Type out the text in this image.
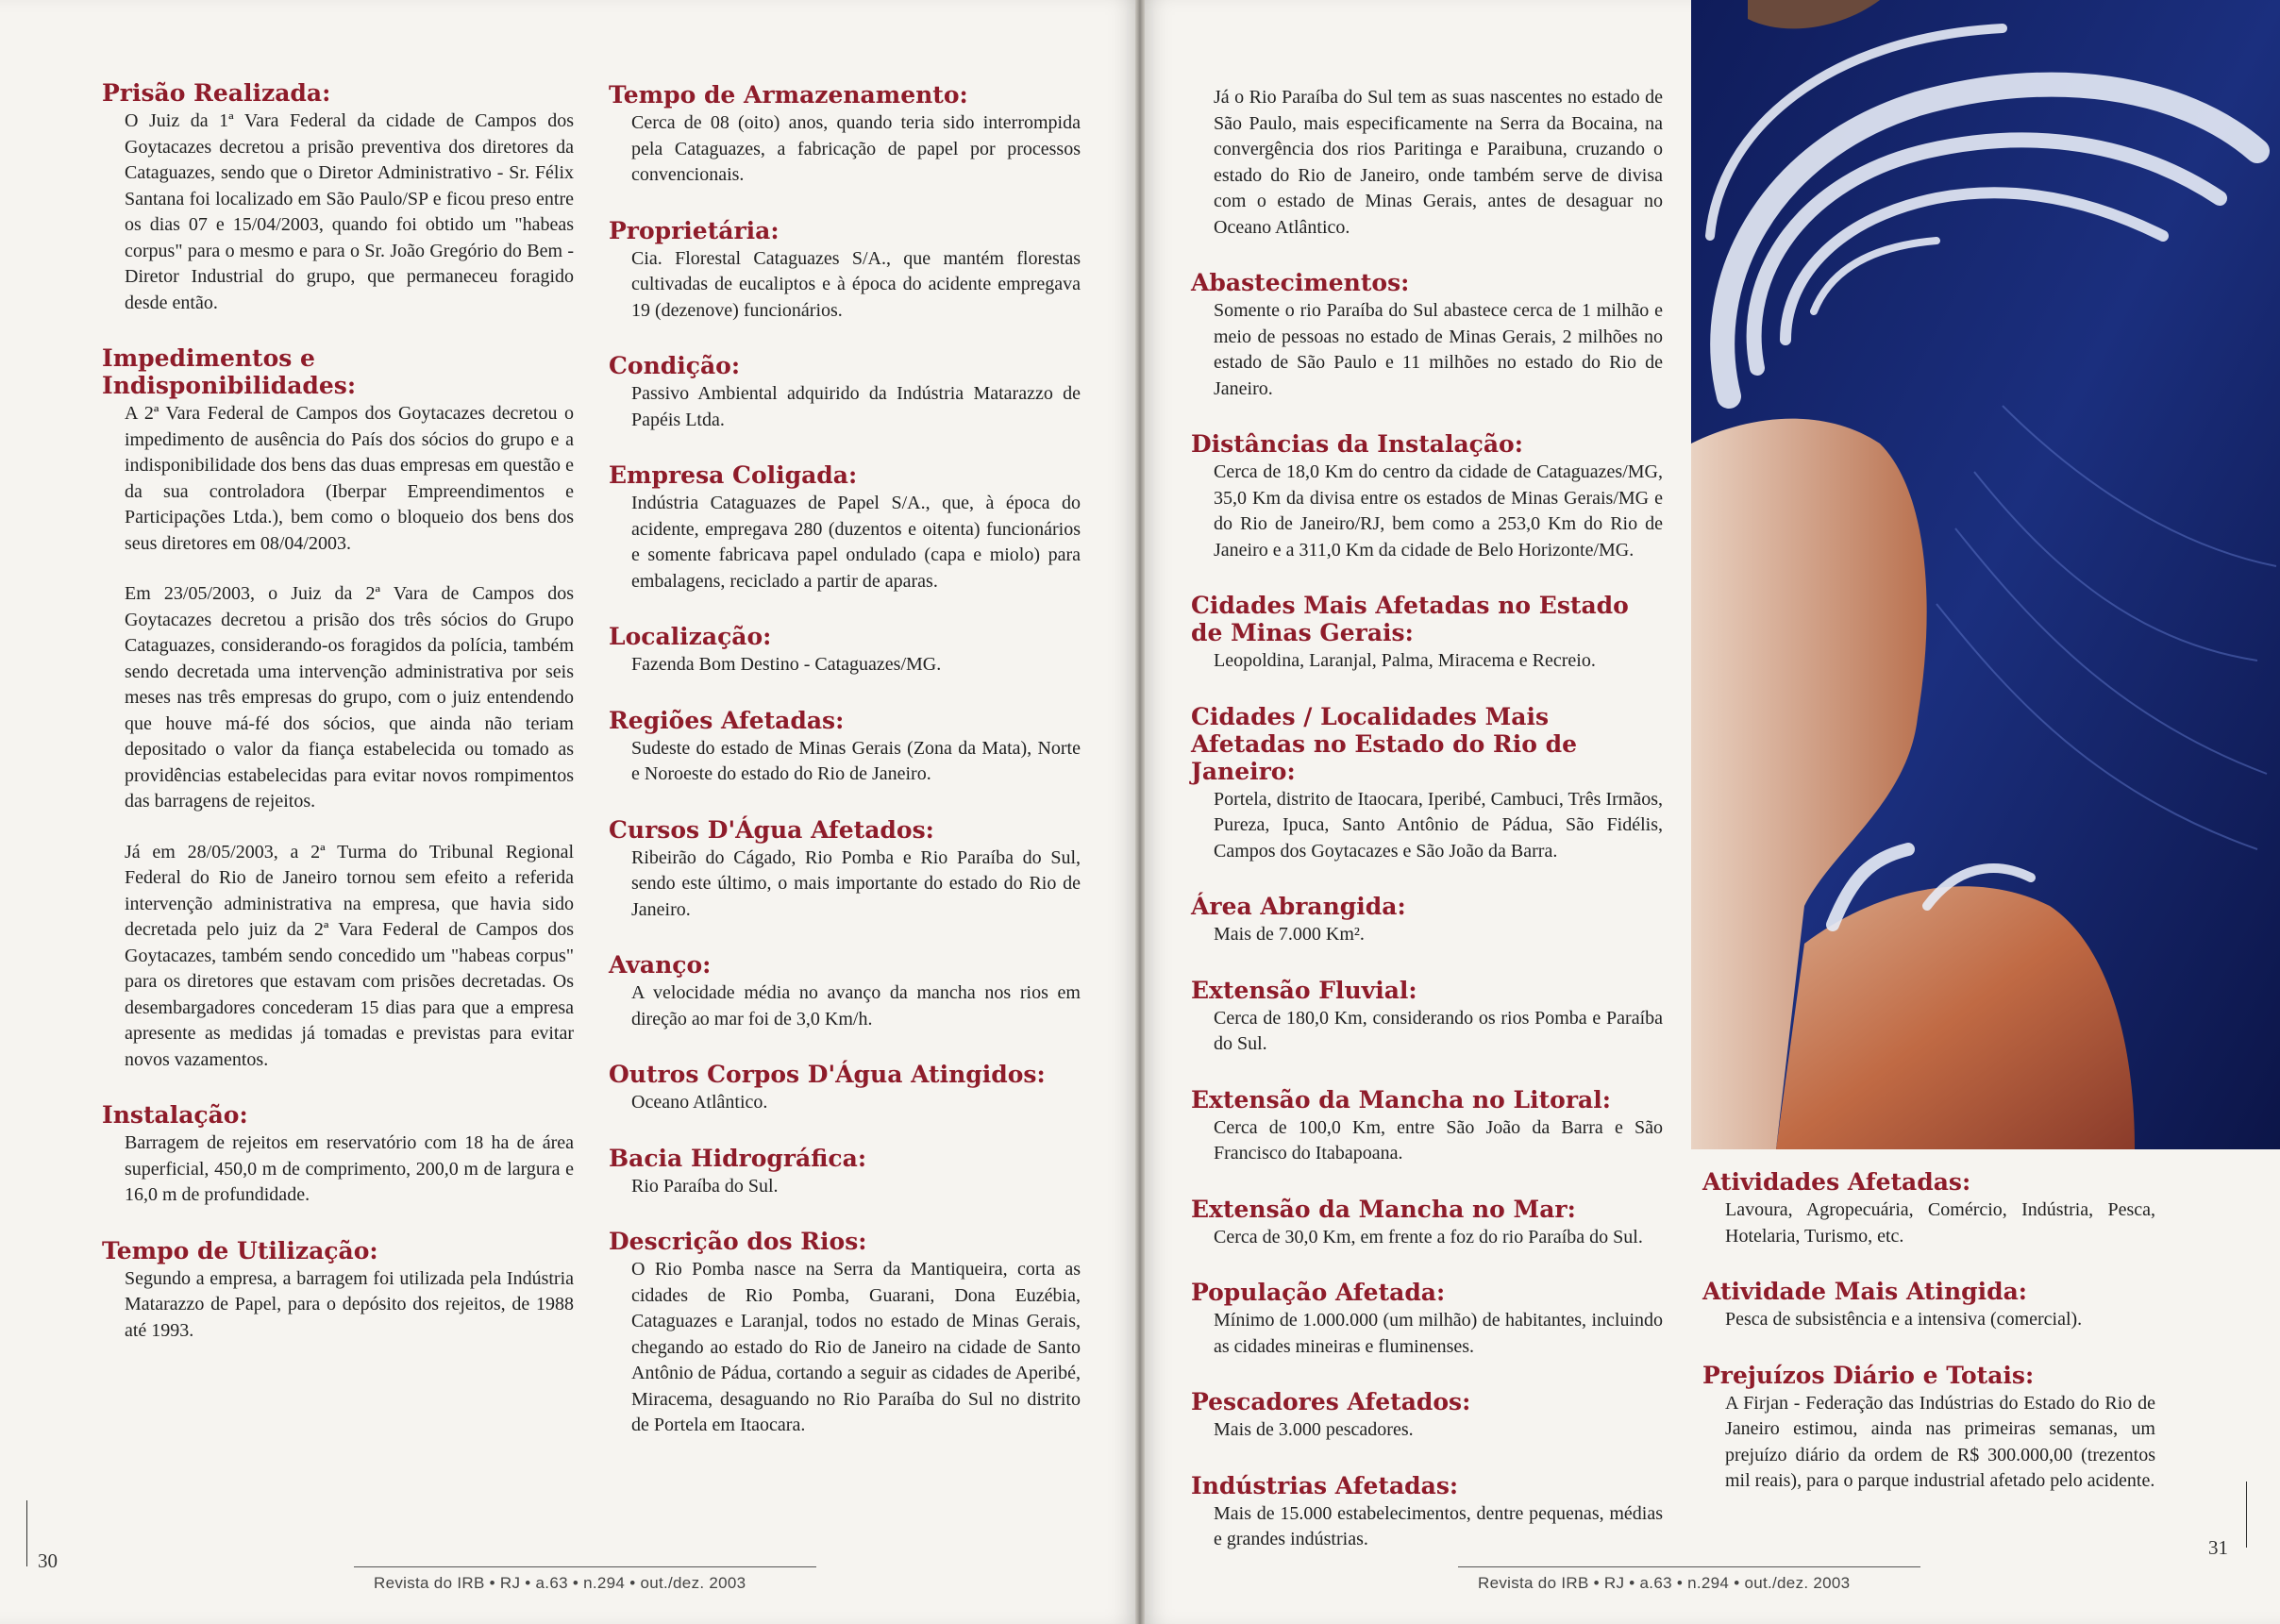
Prisão Realizada:

O Juiz da 1ª Vara Federal da cidade de Campos dos Goytacazes decretou a prisão preventiva dos diretores da Cataguazes, sendo que o Diretor Administrativo - Sr. Félix Santana foi localizado em São Paulo/SP e ficou preso entre os dias 07 e 15/04/2003, quando foi obtido um "habeas corpus" para o mesmo e para o Sr. João Gregório do Bem - Diretor Industrial do grupo, que permaneceu foragido desde então.

Impedimentos e Indisponibilidades:

A 2ª Vara Federal de Campos dos Goytacazes decretou o impedimento de ausência do País dos sócios do grupo e a indisponibilidade dos bens das duas empresas em questão e da sua controladora (Iberpar Empreendimentos e Participações Ltda.), bem como o bloqueio dos bens dos seus diretores em 08/04/2003.

Em 23/05/2003, o Juiz da 2ª Vara de Campos dos Goytacazes decretou a prisão dos três sócios do Grupo Cataguazes, considerando-os foragidos da polícia, também sendo decretada uma intervenção administrativa por seis meses nas três empresas do grupo, com o juiz entendendo que houve má-fé dos sócios, que ainda não teriam depositado o valor da fiança estabelecida ou tomado as providências estabelecidas para evitar novos rompimentos das barragens de rejeitos.

Já em 28/05/2003, a 2ª Turma do Tribunal Regional Federal do Rio de Janeiro tornou sem efeito a referida intervenção administrativa na empresa, que havia sido decretada pelo juiz da 2ª Vara Federal de Campos dos Goytacazes, também sendo concedido um "habeas corpus" para os diretores que estavam com prisões decretadas. Os desembargadores concederam 15 dias para que a empresa apresente as medidas já tomadas e previstas para evitar novos vazamentos.

Instalação:

Barragem de rejeitos em reservatório com 18 ha de área superficial, 450,0 m de comprimento, 200,0 m de largura e 16,0 m de profundidade.

Tempo de Utilização:

Segundo a empresa, a barragem foi utilizada pela Indústria Matarazzo de Papel, para o depósito dos rejeitos, de 1988 até 1993.

Tempo de Armazenamento:

Cerca de 08 (oito) anos, quando teria sido interrompida pela Cataguazes, a fabricação de papel por processos convencionais.

Proprietária:

Cia. Florestal Cataguazes S/A., que mantém florestas cultivadas de eucaliptos e à época do acidente empregava 19 (dezenove) funcionários.

Condição:

Passivo Ambiental adquirido da Indústria Matarazzo de Papéis Ltda.

Empresa Coligada:

Indústria Cataguazes de Papel S/A., que, à época do acidente, empregava 280 (duzentos e oitenta) funcionários e somente fabricava papel ondulado (capa e miolo) para embalagens, reciclado a partir de aparas.

Localização:

Fazenda Bom Destino - Cataguazes/MG.

Regiões Afetadas:

Sudeste do estado de Minas Gerais (Zona da Mata), Norte e Noroeste do estado do Rio de Janeiro.

Cursos D'Água Afetados:

Ribeirão do Cágado, Rio Pomba e Rio Paraíba do Sul, sendo este último, o mais importante do estado do Rio de Janeiro.

Avanço:

A velocidade média no avanço da mancha nos rios em direção ao mar foi de 3,0 Km/h.

Outros Corpos D'Água Atingidos:

Oceano Atlântico.

Bacia Hidrográfica:

Rio Paraíba do Sul.

Descrição dos Rios:

O Rio Pomba nasce na Serra da Mantiqueira, corta as cidades de Rio Pomba, Guarani, Dona Euzébia, Cataguazes e Laranjal, todos no estado de Minas Gerais, chegando ao estado do Rio de Janeiro na cidade de Santo Antônio de Pádua, cortando a seguir as cidades de Aperibé, Miracema, desaguando no Rio Paraíba do Sul no distrito de Portela em Itaocara.

Já o Rio Paraíba do Sul tem as suas nascentes no estado de São Paulo, mais especificamente na Serra da Bocaina, na convergência dos rios Paritinga e Paraibuna, cruzando o estado do Rio de Janeiro, onde também serve de divisa com o estado de Minas Gerais, antes de desaguar no Oceano Atlântico.

Abastecimentos:

Somente o rio Paraíba do Sul abastece cerca de 1 milhão e meio de pessoas no estado de Minas Gerais, 2 milhões no estado de São Paulo e 11 milhões no estado do Rio de Janeiro.

Distâncias da Instalação:

Cerca de 18,0 Km do centro da cidade de Cataguazes/MG, 35,0 Km da divisa entre os estados de Minas Gerais/MG e do Rio de Janeiro/RJ, bem como a 253,0 Km do Rio de Janeiro e a 311,0 Km da cidade de Belo Horizonte/MG.

Cidades Mais Afetadas no Estado de Minas Gerais:

Leopoldina, Laranjal, Palma, Miracema e Recreio.

Cidades / Localidades Mais Afetadas no Estado do Rio de Janeiro:

Portela, distrito de Itaocara, Iperibé, Cambuci, Três Irmãos, Pureza, Ipuca, Santo Antônio de Pádua, São Fidélis, Campos dos Goytacazes e São João da Barra.

Área Abrangida:

Mais de 7.000 Km².

Extensão Fluvial:

Cerca de 180,0 Km, considerando os rios Pomba e Paraíba do Sul.

Extensão da Mancha no Litoral:

Cerca de 100,0 Km, entre São João da Barra e São Francisco do Itabapoana.

Extensão da Mancha no Mar:

Cerca de 30,0 Km, em frente a foz do rio Paraíba do Sul.

População Afetada:

Mínimo de 1.000.000 (um milhão) de habitantes, incluindo as cidades mineiras e fluminenses.

Pescadores Afetados:

Mais de 3.000 pescadores.

Indústrias Afetadas:

Mais de 15.000 estabelecimentos, dentre pequenas, médias e grandes indústrias.

Atividades Afetadas:

Lavoura, Agropecuária, Comércio, Indústria, Pesca, Hotelaria, Turismo, etc.

Atividade Mais Atingida:

Pesca de subsistência e a intensiva (comercial).

Prejuízos Diário e Totais:

A Firjan - Federação das Indústrias do Estado do Rio de Janeiro estimou, ainda nas primeiras semanas, um prejuízo diário da ordem de R$ 300.000,00 (trezentos mil reais), para o parque industrial afetado pelo acidente.

Revista do IRB • RJ • a.63 • n.294 • out./dez. 2003
30
Revista do IRB • RJ • a.63 • n.294 • out./dez. 2003
31
